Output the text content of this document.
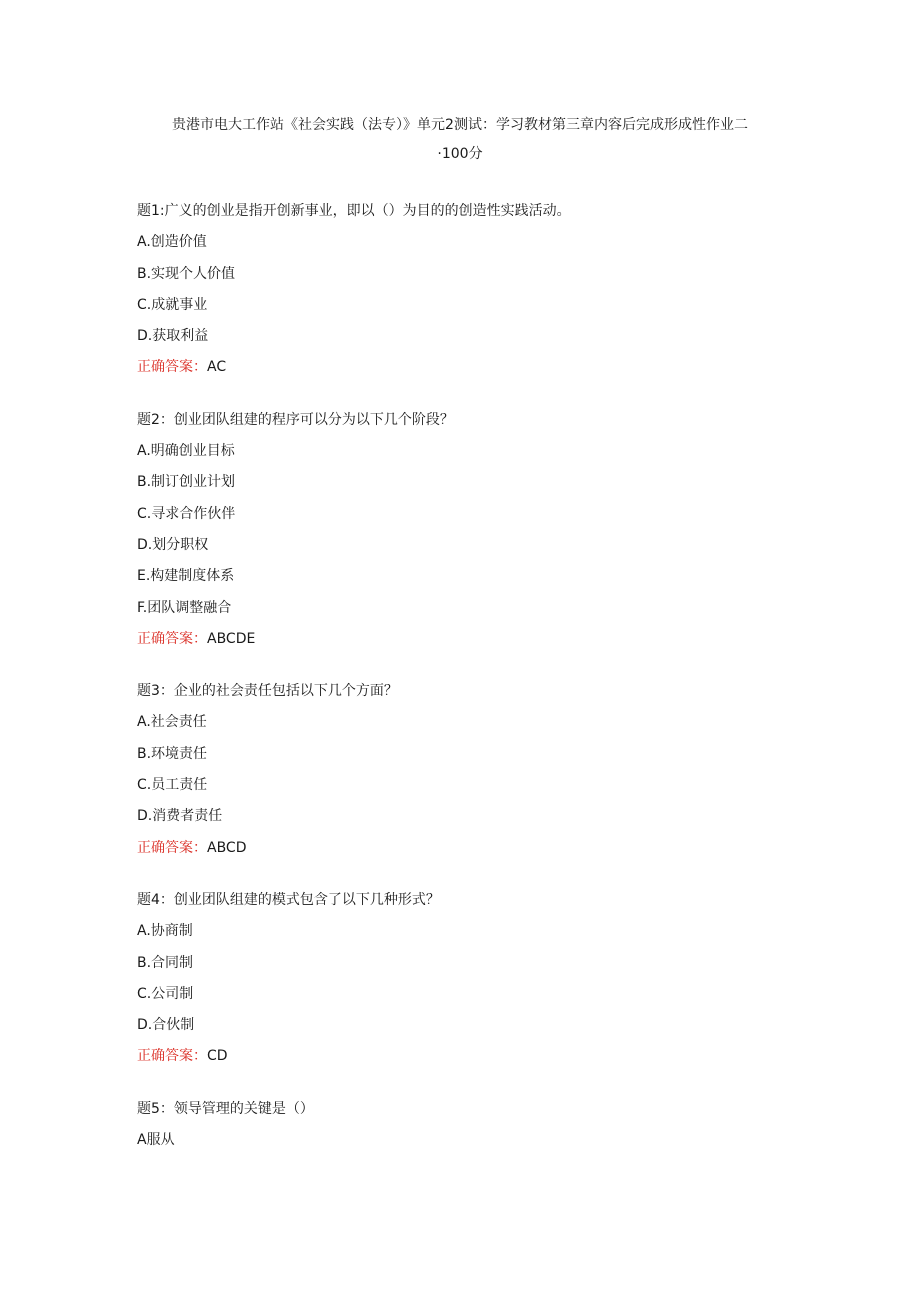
贵港市电大工作站《社会实践（法专）》单元2测试：学习教材第三章内容后完成形成性作业二
·100分
题1:广义的创业是指开创新事业，即以（）为目的的创造性实践活动。
A.创造价值
B.实现个人价值
C.成就事业
D.获取利益
正确答案：AC
题2：创业团队组建的程序可以分为以下几个阶段？
A.明确创业目标
B.制订创业计划
C.寻求合作伙伴
D.划分职权
E.构建制度体系
F.团队调整融合
正确答案：ABCDE
题3：企业的社会责任包括以下几个方面？
A.社会责任
B.环境责任
C.员工责任
D.消费者责任
正确答案：ABCD
题4：创业团队组建的模式包含了以下几种形式？
A.协商制
B.合同制
C.公司制
D.合伙制
正确答案：CD
题5：领导管理的关键是（）
A服从
